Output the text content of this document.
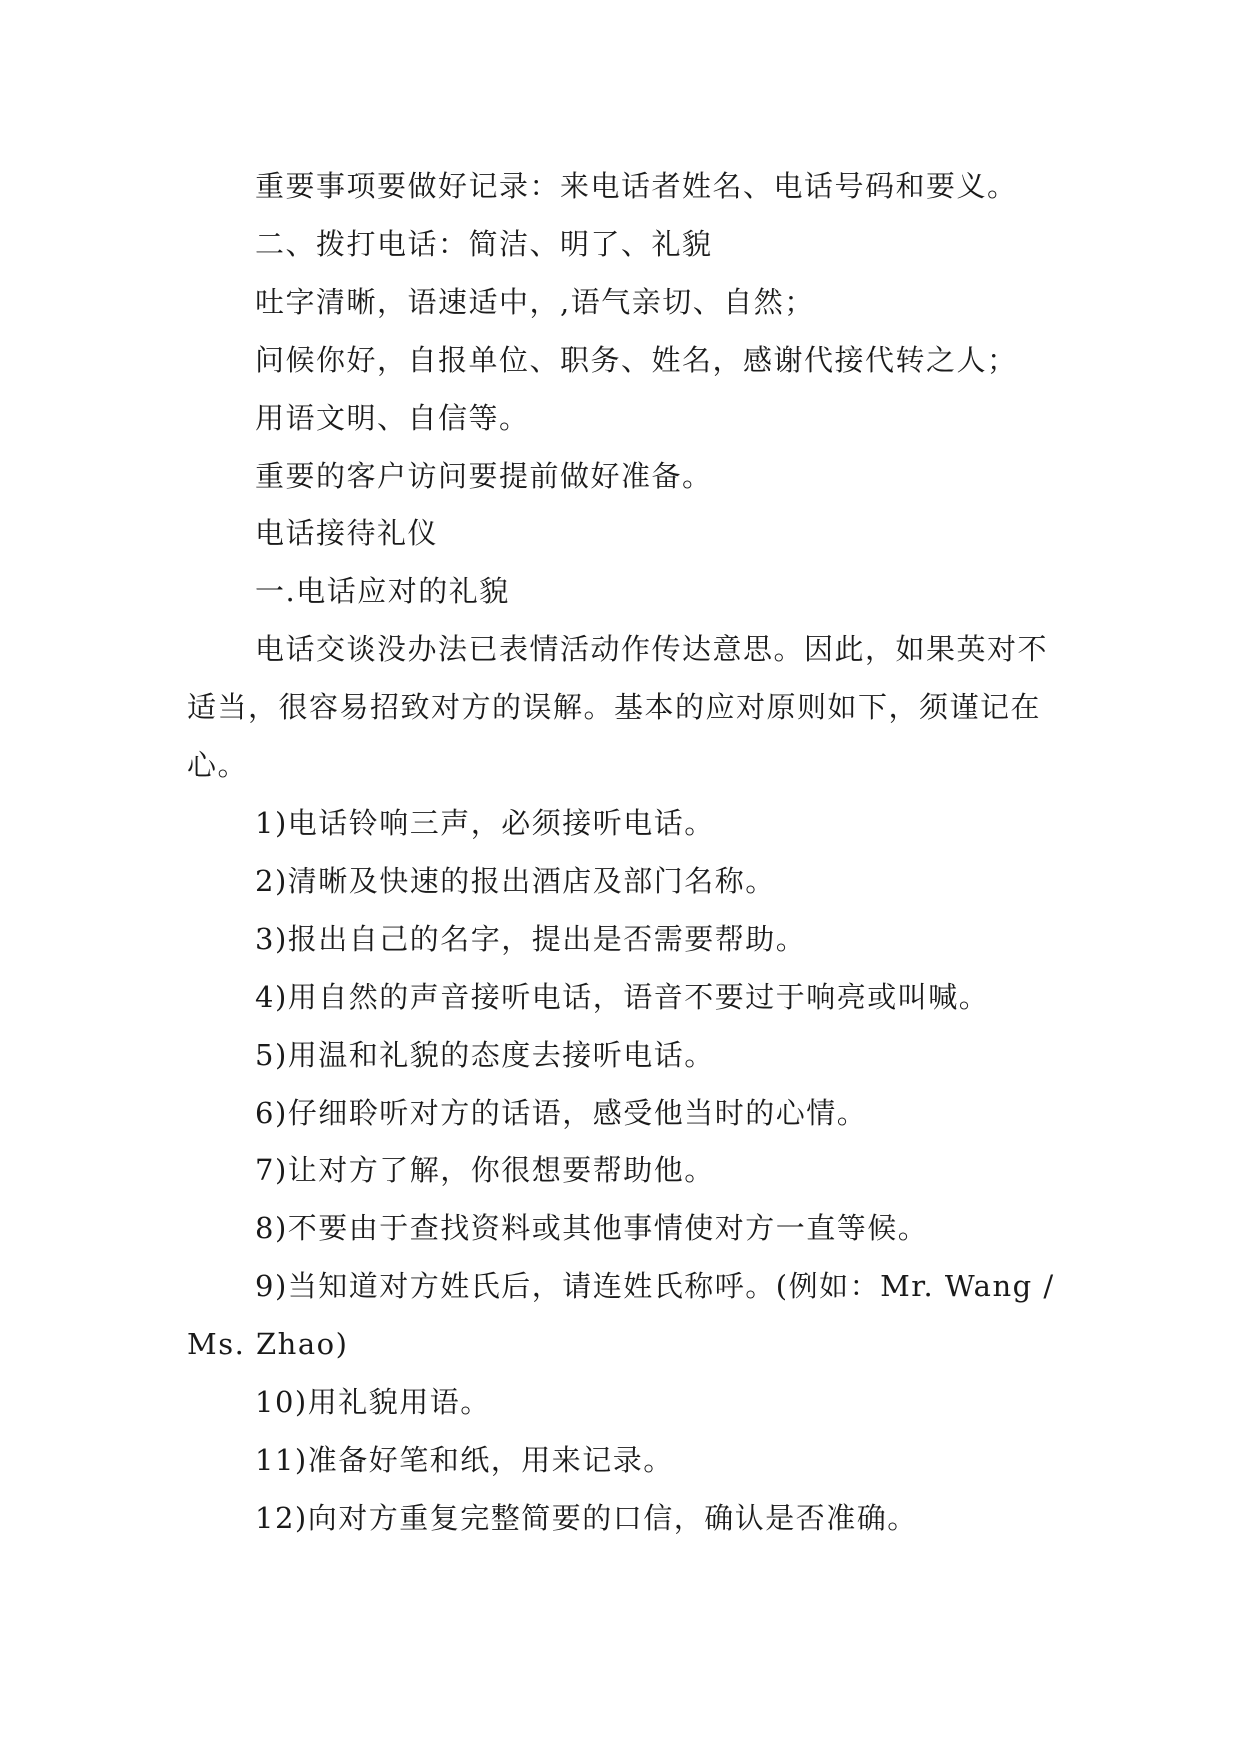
重要事项要做好记录：来电话者姓名、电话号码和要义。

二、拨打电话：简洁、明了、礼貌

吐字清晰，语速适中，,语气亲切、自然；

问候你好，自报单位、职务、姓名，感谢代接代转之人；

用语文明、自信等。

重要的客户访问要提前做好准备。

电话接待礼仪

一.电话应对的礼貌

电话交谈没办法已表情活动作传达意思。因此，如果英对不适当，很容易招致对方的误解。基本的应对原则如下，须谨记在心。

1)电话铃响三声，必须接听电话。

2)清晰及快速的报出酒店及部门名称。

3)报出自己的名字，提出是否需要帮助。

4)用自然的声音接听电话，语音不要过于响亮或叫喊。

5)用温和礼貌的态度去接听电话。

6)仔细聆听对方的话语，感受他当时的心情。

7)让对方了解，你很想要帮助他。

8)不要由于查找资料或其他事情使对方一直等候。

9)当知道对方姓氏后，请连姓氏称呼。(例如：Mr. Wang / Ms. Zhao)

10)用礼貌用语。

11)准备好笔和纸，用来记录。

12)向对方重复完整简要的口信，确认是否准确。
